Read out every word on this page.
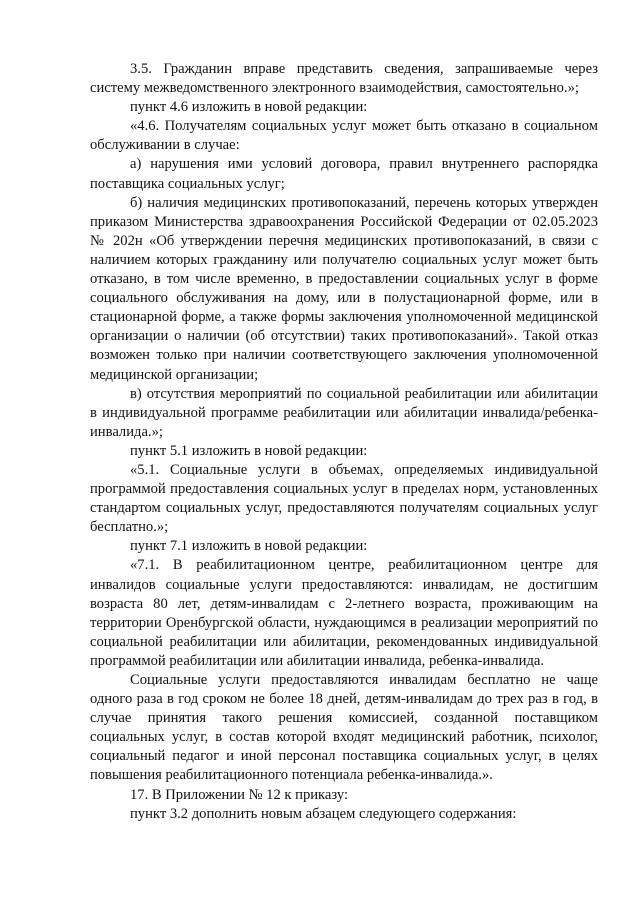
3.5. Гражданин вправе представить сведения, запрашиваемые через систему межведомственного электронного взаимодействия, самостоятельно.»;

пункт 4.6 изложить в новой редакции:

«4.6. Получателям социальных услуг может быть отказано в социальном обслуживании в случае:

а) нарушения ими условий договора, правил внутреннего распорядка поставщика социальных услуг;

б) наличия медицинских противопоказаний, перечень которых утвержден приказом Министерства здравоохранения Российской Федерации от 02.05.2023 № 202н «Об утверждении перечня медицинских противопоказаний, в связи с наличием которых гражданину или получателю социальных услуг может быть отказано, в том числе временно, в предоставлении социальных услуг в форме социального обслуживания на дому, или в полустационарной форме, или в стационарной форме, а также формы заключения уполномоченной медицинской организации о наличии (об отсутствии) таких противопоказаний». Такой отказ возможен только при наличии соответствующего заключения уполномоченной медицинской организации;

в) отсутствия мероприятий по социальной реабилитации или абилитации в индивидуальной программе реабилитации или абилитации инвалида/ребенка-инвалида.»;

пункт 5.1 изложить в новой редакции:

«5.1. Социальные услуги в объемах, определяемых индивидуальной программой предоставления социальных услуг в пределах норм, установленных стандартом социальных услуг, предоставляются получателям социальных услуг бесплатно.»;

пункт 7.1 изложить в новой редакции:

«7.1. В реабилитационном центре, реабилитационном центре для инвалидов социальные услуги предоставляются: инвалидам, не достигшим возраста 80 лет, детям-инвалидам с 2-летнего возраста, проживающим на территории Оренбургской области, нуждающимся в реализации мероприятий по социальной реабилитации или абилитации, рекомендованных индивидуальной программой реабилитации или абилитации инвалида, ребенка-инвалида.

Социальные услуги предоставляются инвалидам бесплатно не чаще одного раза в год сроком не более 18 дней, детям-инвалидам до трех раз в год, в случае принятия такого решения комиссией, созданной поставщиком социальных услуг, в состав которой входят медицинский работник, психолог, социальный педагог и иной персонал поставщика социальных услуг, в целях повышения реабилитационного потенциала ребенка-инвалида.».

17. В Приложении № 12 к приказу:

пункт 3.2 дополнить новым абзацем следующего содержания:
